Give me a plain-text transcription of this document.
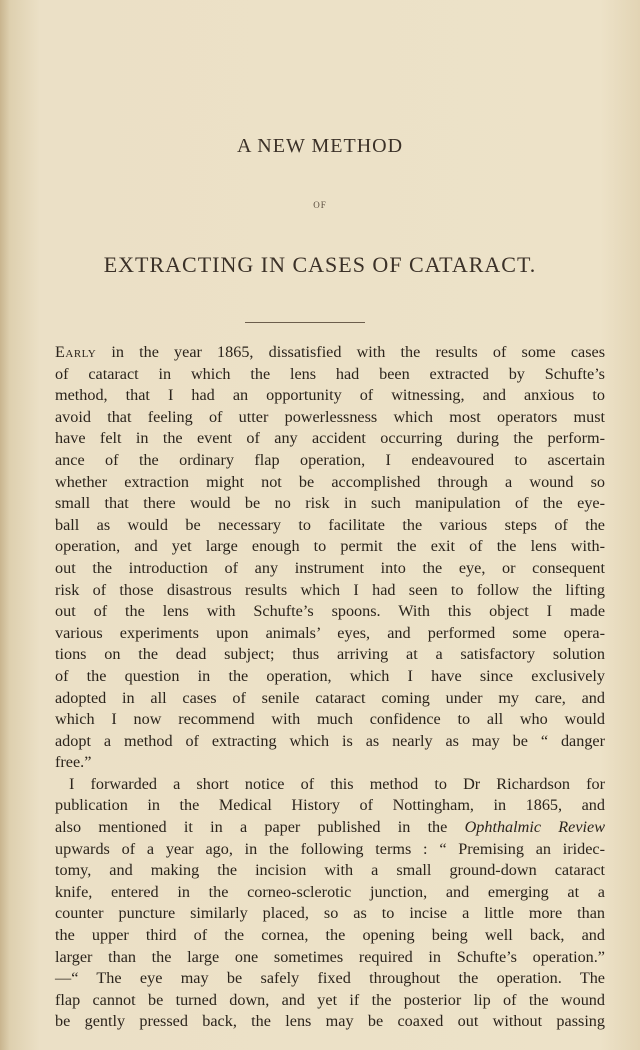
A NEW METHOD
OF
EXTRACTING IN CASES OF CATARACT.
Early in the year 1865, dissatisfied with the results of some cases
of cataract in which the lens had been extracted by Schufte’s
method, that I had an opportunity of witnessing, and anxious to
avoid that feeling of utter powerlessness which most operators must
have felt in the event of any accident occurring during the perform-
ance of the ordinary flap operation, I endeavoured to ascertain
whether extraction might not be accomplished through a wound so
small that there would be no risk in such manipulation of the eye-
ball as would be necessary to facilitate the various steps of the
operation, and yet large enough to permit the exit of the lens with-
out the introduction of any instrument into the eye, or consequent
risk of those disastrous results which I had seen to follow the lifting
out of the lens with Schufte’s spoons. With this object I made
various experiments upon animals’ eyes, and performed some opera-
tions on the dead subject; thus arriving at a satisfactory solution
of the question in the operation, which I have since exclusively
adopted in all cases of senile cataract coming under my care, and
which I now recommend with much confidence to all who would
adopt a method of extracting which is as nearly as may be “ danger
free.”
I forwarded a short notice of this method to Dr Richardson for
publication in the Medical History of Nottingham, in 1865, and
also mentioned it in a paper published in the Ophthalmic Review
upwards of a year ago, in the following terms : “ Premising an iridec-
tomy, and making the incision with a small ground-down cataract
knife, entered in the corneo-sclerotic junction, and emerging at a
counter puncture similarly placed, so as to incise a little more than
the upper third of the cornea, the opening being well back, and
larger than the large one sometimes required in Schufte’s operation.”
—“ The eye may be safely fixed throughout the operation. The
flap cannot be turned down, and yet if the posterior lip of the wound
be gently pressed back, the lens may be coaxed out without passing
